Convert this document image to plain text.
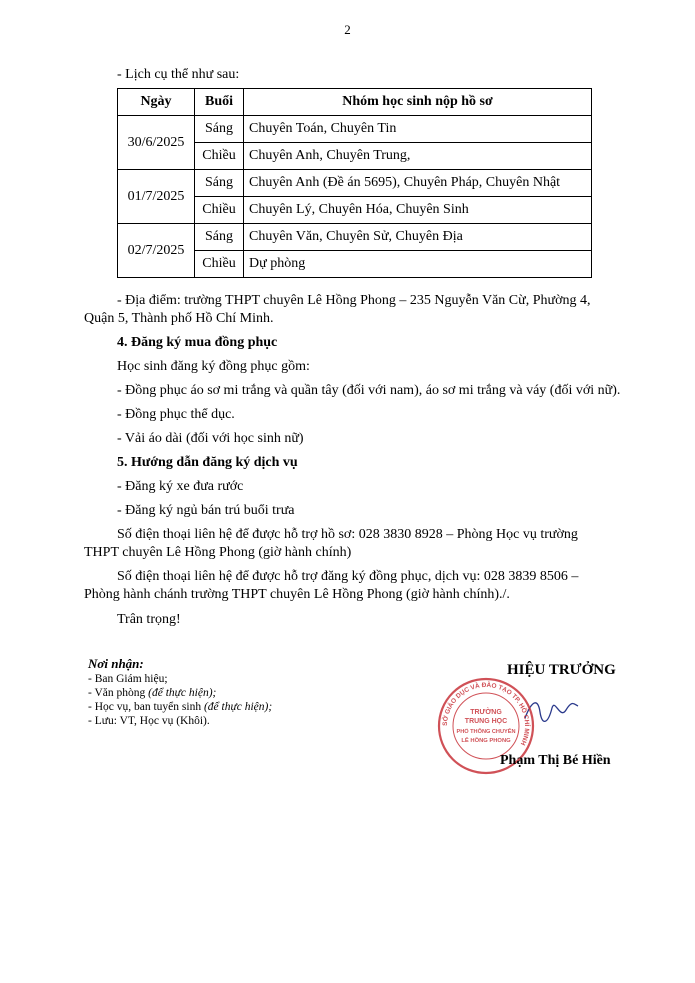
2

- Lịch cụ thể như sau:

Ngày	Buổi	Nhóm học sinh nộp hồ sơ
30/6/2025	Sáng	Chuyên Toán, Chuyên Tin
	Chiều	Chuyên Anh, Chuyên Trung,
01/7/2025	Sáng	Chuyên Anh (Đề án 5695), Chuyên Pháp, Chuyên Nhật
	Chiều	Chuyên Lý, Chuyên Hóa, Chuyên Sinh
02/7/2025	Sáng	Chuyên Văn, Chuyên Sử, Chuyên Địa
	Chiều	Dự phòng

- Địa điểm: trường THPT chuyên Lê Hồng Phong – 235 Nguyễn Văn Cừ, Phường 4,

Quận 5, Thành phố Hồ Chí Minh.

4. Đăng ký mua đồng phục

Học sinh đăng ký đồng phục gồm:

- Đồng phục áo sơ mi trắng và quần tây (đối với nam), áo sơ mi trắng và váy (đối với nữ).

- Đồng phục thể dục.

- Vải áo dài (đối với học sinh nữ)

5. Hướng dẫn đăng ký dịch vụ

- Đăng ký xe đưa rước

- Đăng ký ngủ bán trú buổi trưa

Số điện thoại liên hệ để được hỗ trợ hồ sơ: 028 3830 8928 – Phòng Học vụ trường

THPT chuyên Lê Hồng Phong (giờ hành chính)

Số điện thoại liên hệ để được hỗ trợ đăng ký đồng phục, dịch vụ: 028 3839 8506 –

Phòng hành chánh trường THPT chuyên Lê Hồng Phong (giờ hành chính)./.

Trân trọng!

Nơi nhận:
- Ban Giám hiệu;
- Văn phòng (để thực hiện);
- Học vụ, ban tuyển sinh (để thực hiện);
- Lưu: VT, Học vụ (Khôi).
HIỆU TRƯỞNG
SỞ GIÁO DỤC VÀ ĐÀO TẠO TP. HỒ CHÍ MINH
TRƯỜNG
TRUNG HỌC
PHỔ THÔNG CHUYÊN
LÊ HỒNG PHONG
Phạm Thị Bé Hiền
